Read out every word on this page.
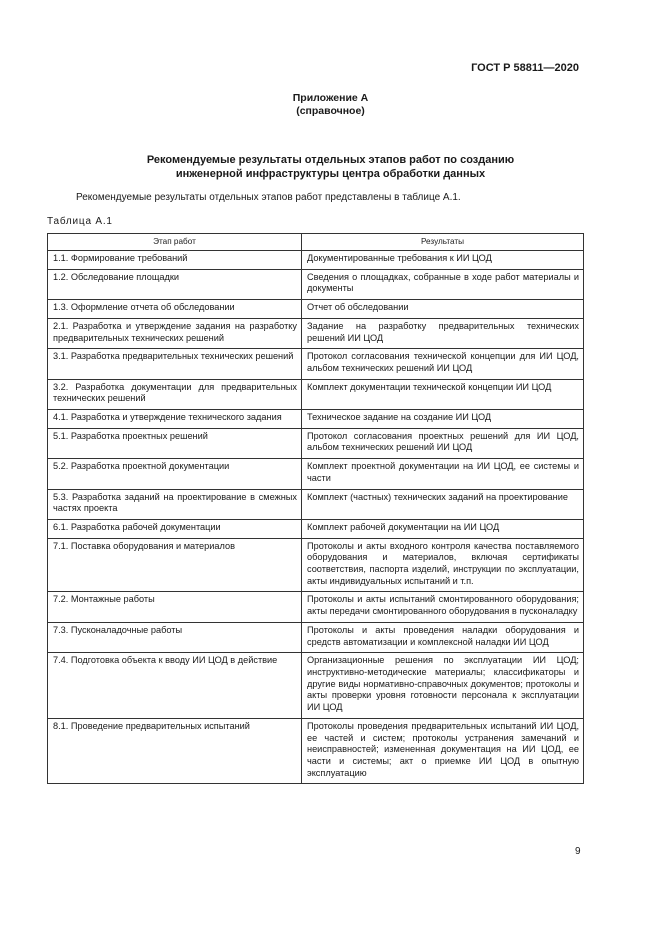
ГОСТ Р 58811—2020
Приложение А
(справочное)
Рекомендуемые результаты отдельных этапов работ по созданию
инженерной инфраструктуры центра обработки данных
Рекомендуемые результаты отдельных этапов работ представлены в таблице А.1.
Таблица А.1
Этап работ	Результаты
1.1. Формирование требований	Документированные требования к ИИ ЦОД
1.2. Обследование площадки	Сведения о площадках, собранные в ходе работ материалы и документы
1.3. Оформление отчета об обследовании	Отчет об обследовании
2.1. Разработка и утверждение задания на разработку предварительных технических решений	Задание на разработку предварительных технических решений ИИ ЦОД
3.1. Разработка предварительных технических решений	Протокол согласования технической концепции для ИИ ЦОД, альбом технических решений ИИ ЦОД
3.2. Разработка документации для предварительных технических решений	Комплект документации технической концепции ИИ ЦОД
4.1. Разработка и утверждение технического задания	Техническое задание на создание ИИ ЦОД
5.1. Разработка проектных решений	Протокол согласования проектных решений для ИИ ЦОД, альбом технических решений ИИ ЦОД
5.2. Разработка проектной документации	Комплект проектной документации на ИИ ЦОД, ее системы и части
5.3. Разработка заданий на проектирование в смежных частях проекта	Комплект (частных) технических заданий на проектирование
6.1. Разработка рабочей документации	Комплект рабочей документации на ИИ ЦОД
7.1. Поставка оборудования и материалов	Протоколы и акты входного контроля качества поставляемого оборудования и материалов, включая сертификаты соответствия, паспорта изделий, инструкции по эксплуатации, акты индивидуальных испытаний и т.п.
7.2. Монтажные работы	Протоколы и акты испытаний смонтированного оборудования; акты передачи смонтированного оборудования в пусконаладку
7.3. Пусконаладочные работы	Протоколы и акты проведения наладки оборудования и средств автоматизации и комплексной наладки ИИ ЦОД
7.4. Подготовка объекта к вводу ИИ ЦОД в действие	Организационные решения по эксплуатации ИИ ЦОД; инструктивно-методические материалы; классификаторы и другие виды нормативно-справочных документов; протоколы и акты проверки уровня готовности персонала к эксплуатации ИИ ЦОД
8.1. Проведение предварительных испытаний	Протоколы проведения предварительных испытаний ИИ ЦОД, ее частей и систем; протоколы устранения замечаний и неисправностей; измененная документация на ИИ ЦОД, ее части и системы; акт о приемке ИИ ЦОД в опытную эксплуатацию
9
